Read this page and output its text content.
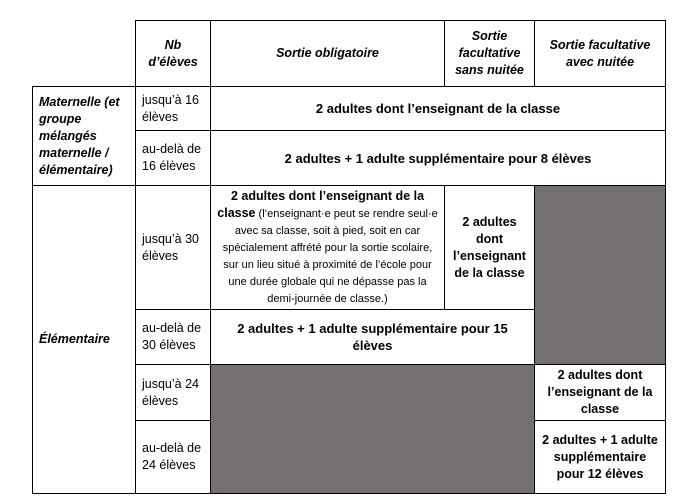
	Nb d’élèves	Sortie obligatoire	Sortie facultative sans nuitée	Sortie facultative avec nuitée
Maternelle (et groupe mélangés maternelle / élémentaire)	jusqu’à 16 élèves	2 adultes dont l’enseignant de la classe		
	au-delà de 16 élèves	2 adultes + 1 adulte supplémentaire pour 8 élèves		
Élémentaire	jusqu’à 30 élèves	2 adultes dont l’enseignant de la classe (l’enseignant·e peut se rendre seul·e avec sa classe, soit à pied, soit en car spécialement affrété pour la sortie scolaire, sur un lieu situé à proximité de l’école pour une durée globale qui ne dépasse pas la demi-journée de classe.)	2 adultes dont l’enseignant de la classe	
	au-delà de 30 élèves	2 adultes + 1 adulte supplémentaire pour 15 élèves		
	jusqu’à 24 élèves			2 adultes dont l’enseignant de la classe
	au-delà de 24 élèves			2 adultes + 1 adulte supplémentaire pour 12 élèves
